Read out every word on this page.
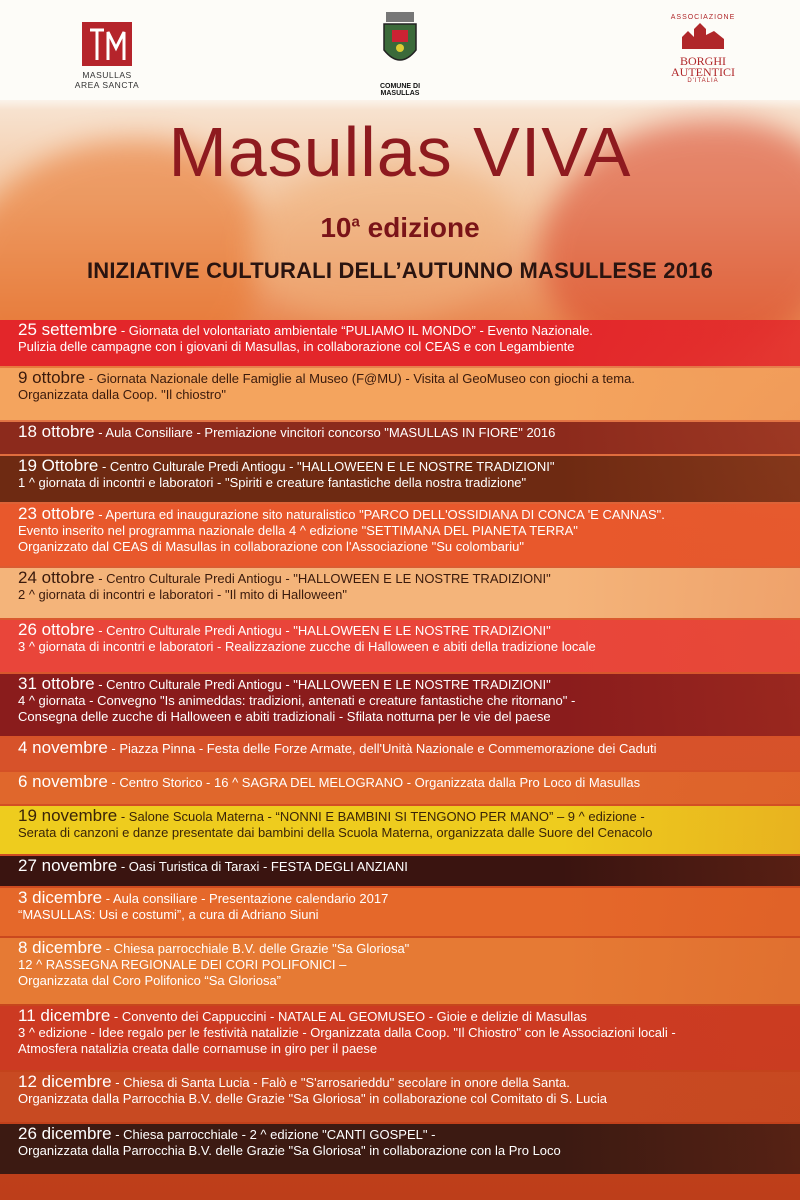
MASULLAS
AREA SANCTA	COMUNE DI MASULLAS
ASSOCIAZIONE
BORGHI
AUTENTICI
D'ITALIA
Masullas VIVA
10$^a$ edizione
INIZIATIVE CULTURALI DELL’AUTUNNO MASULLESE 2016
25 settembre - Giornata del volontariato ambientale “PULIAMO IL MONDO” - Evento Nazionale.
Pulizia delle campagne con i giovani di Masullas, in collaborazione col CEAS e con Legambiente
9 ottobre - Giornata Nazionale delle Famiglie al Museo (F@MU) - Visita al GeoMuseo con giochi a tema.
Organizzata dalla Coop. "Il chiostro"
18 ottobre - Aula Consiliare - Premiazione vincitori concorso "MASULLAS IN FIORE" 2016
19 Ottobre - Centro Culturale Predi Antiogu - "HALLOWEEN E LE NOSTRE TRADIZIONI"
1 ^ giornata di incontri e laboratori - "Spiriti e creature fantastiche della nostra tradizione"
23 ottobre - Apertura ed inaugurazione sito naturalistico "PARCO DELL'OSSIDIANA DI CONCA 'E CANNAS".
Evento inserito nel programma nazionale della 4 ^ edizione "SETTIMANA DEL PIANETA TERRA"
Organizzato dal CEAS di Masullas in collaborazione con l'Associazione "Su colombariu"
24 ottobre - Centro Culturale Predi Antiogu - "HALLOWEEN E LE NOSTRE TRADIZIONI"
2 ^ giornata di incontri e laboratori - "Il mito di Halloween"
26 ottobre - Centro Culturale Predi Antiogu - "HALLOWEEN E LE NOSTRE TRADIZIONI"
3 ^ giornata di incontri e laboratori - Realizzazione zucche di Halloween e abiti della tradizione locale
31 ottobre - Centro Culturale Predi Antiogu - "HALLOWEEN E LE NOSTRE TRADIZIONI"
4 ^ giornata - Convegno "Is animeddas: tradizioni, antenati e creature fantastiche che ritornano" -
Consegna delle zucche di Halloween e abiti tradizionali - Sfilata notturna per le vie del paese
4 novembre - Piazza Pinna - Festa delle Forze Armate, dell'Unità Nazionale e Commemorazione dei Caduti
6 novembre - Centro Storico - 16 ^ SAGRA DEL MELOGRANO - Organizzata dalla Pro Loco di Masullas
19 novembre - Salone Scuola Materna - “NONNI E BAMBINI SI TENGONO PER MANO” – 9 ^ edizione -
Serata di canzoni e danze presentate dai bambini della Scuola Materna, organizzata dalle Suore del Cenacolo
27 novembre - Oasi Turistica di Taraxi - FESTA DEGLI ANZIANI
3 dicembre - Aula consiliare - Presentazione calendario 2017
“MASULLAS: Usi e costumi”, a cura di Adriano Siuni
8 dicembre - Chiesa parrocchiale B.V. delle Grazie "Sa Gloriosa"
12 ^ RASSEGNA REGIONALE DEI CORI POLIFONICI –
Organizzata dal Coro Polifonico “Sa Gloriosa”
11 dicembre - Convento dei Cappuccini - NATALE AL GEOMUSEO - Gioie e delizie di Masullas
3 ^ edizione - Idee regalo per le festività natalizie - Organizzata dalla Coop. "Il Chiostro" con le Associazioni locali -
Atmosfera natalizia creata dalle cornamuse in giro per il paese
12 dicembre - Chiesa di Santa Lucia - Falò e "S'arrosarieddu" secolare in onore della Santa.
Organizzata dalla Parrocchia B.V. delle Grazie "Sa Gloriosa" in collaborazione col Comitato di S. Lucia
26 dicembre - Chiesa parrocchiale - 2 ^ edizione "CANTI GOSPEL" -
Organizzata dalla Parrocchia B.V. delle Grazie "Sa Gloriosa" in collaborazione con la Pro Loco
